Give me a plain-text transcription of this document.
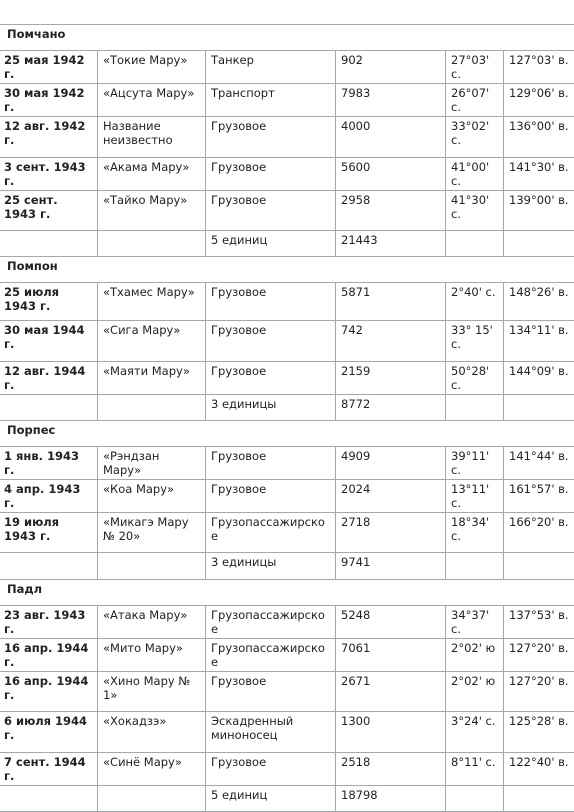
Помчано					
25 мая 1942 г.	«Токие Мару»	Танкер	902	27°03' с.	127°03' в.
30 мая 1942 г.	«Ацсута Мару»	Транспорт	7983	26°07' с.	129°06' в.
12 авг. 1942 г.	Название неизвестно	Грузовое	4000	33°02' с.	136°00' в.
3 сент. 1943 г.	«Акама Мару»	Грузовое	5600	41°00' с.	141°30' в.
25 сент. 1943 г.	«Тайко Мару»	Грузовое	2958	41°30' с.	139°00' в.
		5 единиц	21443		
Помпон					
25 июля 1943 г.	«Тхамес Мару»	Грузовое	5871	2°40' с.	148°26' в.
30 мая 1944 г.	«Сига Мару»	Грузовое	742	33° 15' с.	134°11' в.
12 авг. 1944 г.	«Маяти Мару»	Грузовое	2159	50°28' с.	144°09' в.
		3 единицы	8772		
Порпес					
1 янв. 1943 г.	«Рэндзан Мару»	Грузовое	4909	39°11' с.	141°44' в.
4 апр. 1943 г.	«Коа Мару»	Грузовое	2024	13°11' с.	161°57' в.
19 июля 1943 г.	«Микагэ Мару № 20»	Грузопассажирское	2718	18°34' с.	166°20' в.
		3 единицы	9741		
Падл					
23 авг. 1943 г.	«Атака Мару»	Грузопассажирское	5248	34°37' с.	137°53' в.
16 апр. 1944 г.	«Мито Мару»	Грузопассажирское	7061	2°02' ю	127°20' в.
16 апр. 1944 г.	«Хино Мару № 1»	Грузовое	2671	2°02' ю	127°20' в.
6 июля 1944 г.	«Хокадзэ»	Эскадренный миноносец	1300	3°24' с.	125°28' в.
7 сент. 1944 г.	«Синё Мару»	Грузовое	2518	8°11' с.	122°40' в.
		5 единиц	18798		
